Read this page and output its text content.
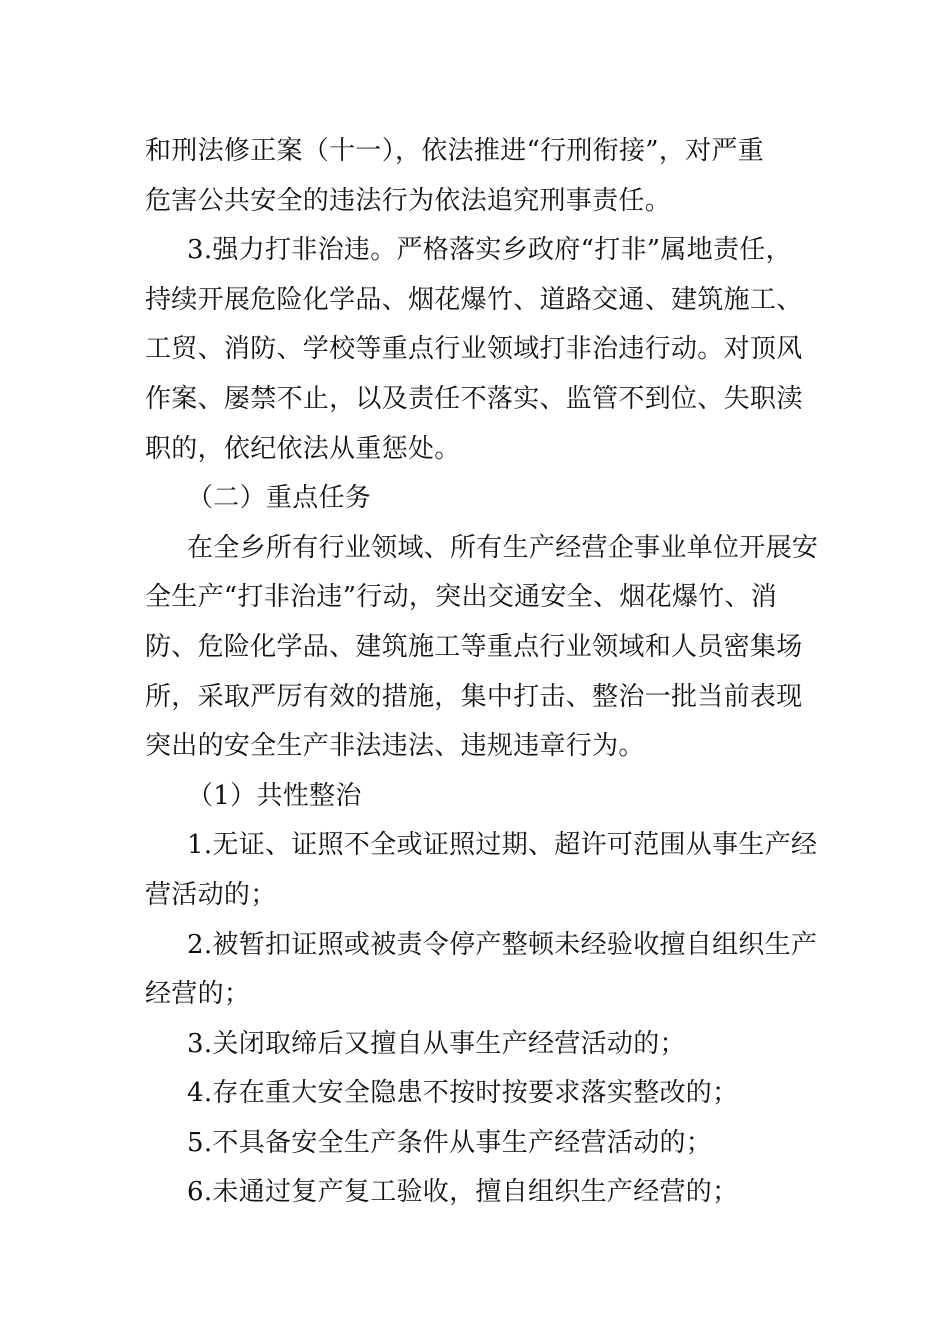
和刑法修正案（十一），依法推进“行刑衔接”，对严重
危害公共安全的违法行为依法追究刑事责任。
3.强力打非治违。严格落实乡政府“打非”属地责任，
持续开展危险化学品、烟花爆竹、道路交通、建筑施工、
工贸、消防、学校等重点行业领域打非治违行动。对顶风
作案、屡禁不止，以及责任不落实、监管不到位、失职渎
职的，依纪依法从重惩处。
（二）重点任务
在全乡所有行业领域、所有生产经营企事业单位开展安
全生产“打非治违”行动，突出交通安全、烟花爆竹、消
防、危险化学品、建筑施工等重点行业领域和人员密集场
所，采取严厉有效的措施，集中打击、整治一批当前表现
突出的安全生产非法违法、违规违章行为。
（1）共性整治
1.无证、证照不全或证照过期、超许可范围从事生产经
营活动的；
2.被暂扣证照或被责令停产整顿未经验收擅自组织生产
经营的；
3.关闭取缔后又擅自从事生产经营活动的；
4.存在重大安全隐患不按时按要求落实整改的；
5.不具备安全生产条件从事生产经营活动的；
6.未通过复产复工验收，擅自组织生产经营的；
